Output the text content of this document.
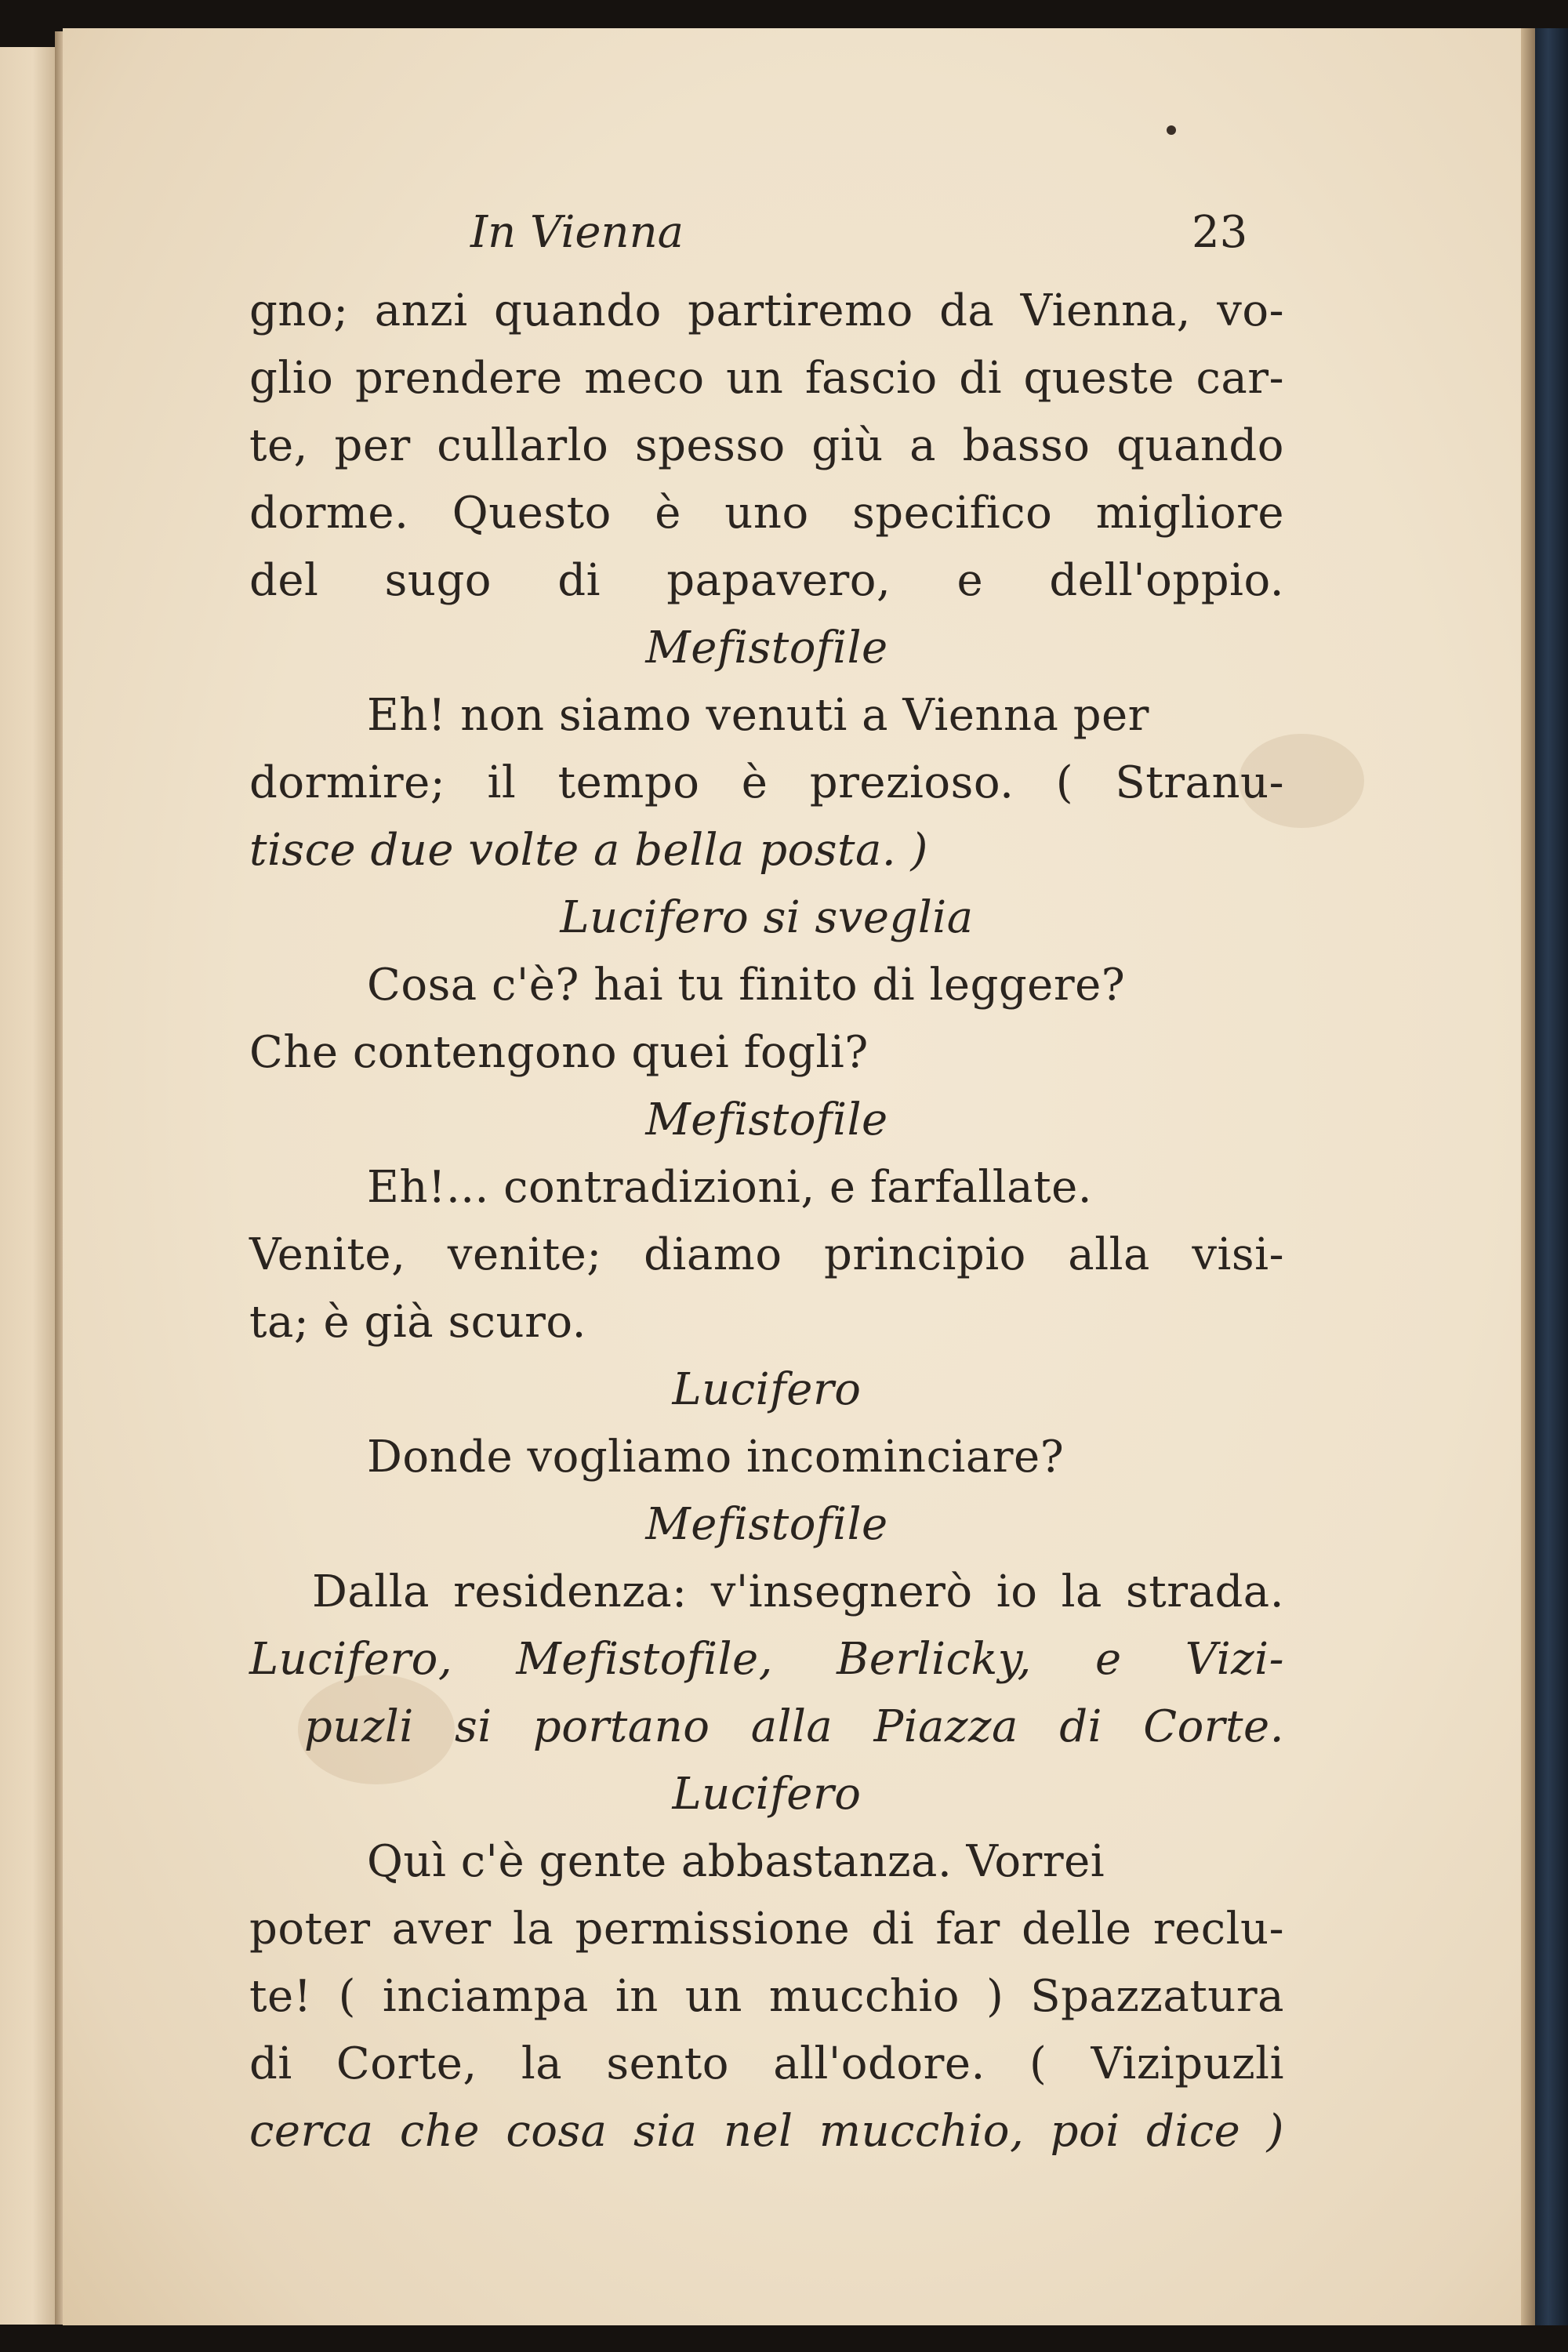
In Vienna	23
gno; anzi quando partiremo da Vienna, vo-
glio prendere meco un fascio di queste car-
te, per cullarlo spesso giù a basso quando
dorme. Questo è uno specifico migliore
del sugo di papavero, e dell'oppio.
Mefistofile
Eh! non siamo venuti a Vienna per
dormire; il tempo è prezioso. ( Stranu-
tisce due volte a bella posta. )
Lucifero si sveglia
Cosa c'è? hai tu finito di leggere?
Che contengono quei fogli?
Mefistofile
Eh!... contradizioni, e farfallate.
Venite, venite; diamo principio alla visi-
ta; è già scuro.
Lucifero
Donde vogliamo incominciare?
Mefistofile
Dalla residenza: v'insegnerò io la strada.
Lucifero, Mefistofile, Berlicky, e Vizi-
puzli si portano alla Piazza di Corte.
Lucifero
Quì c'è gente abbastanza. Vorrei
poter aver la permissione di far delle reclu-
te! ( inciampa in un mucchio ) Spazzatura
di Corte, la sento all'odore. ( Vizipuzli
cerca che cosa sia nel mucchio, poi dice )
